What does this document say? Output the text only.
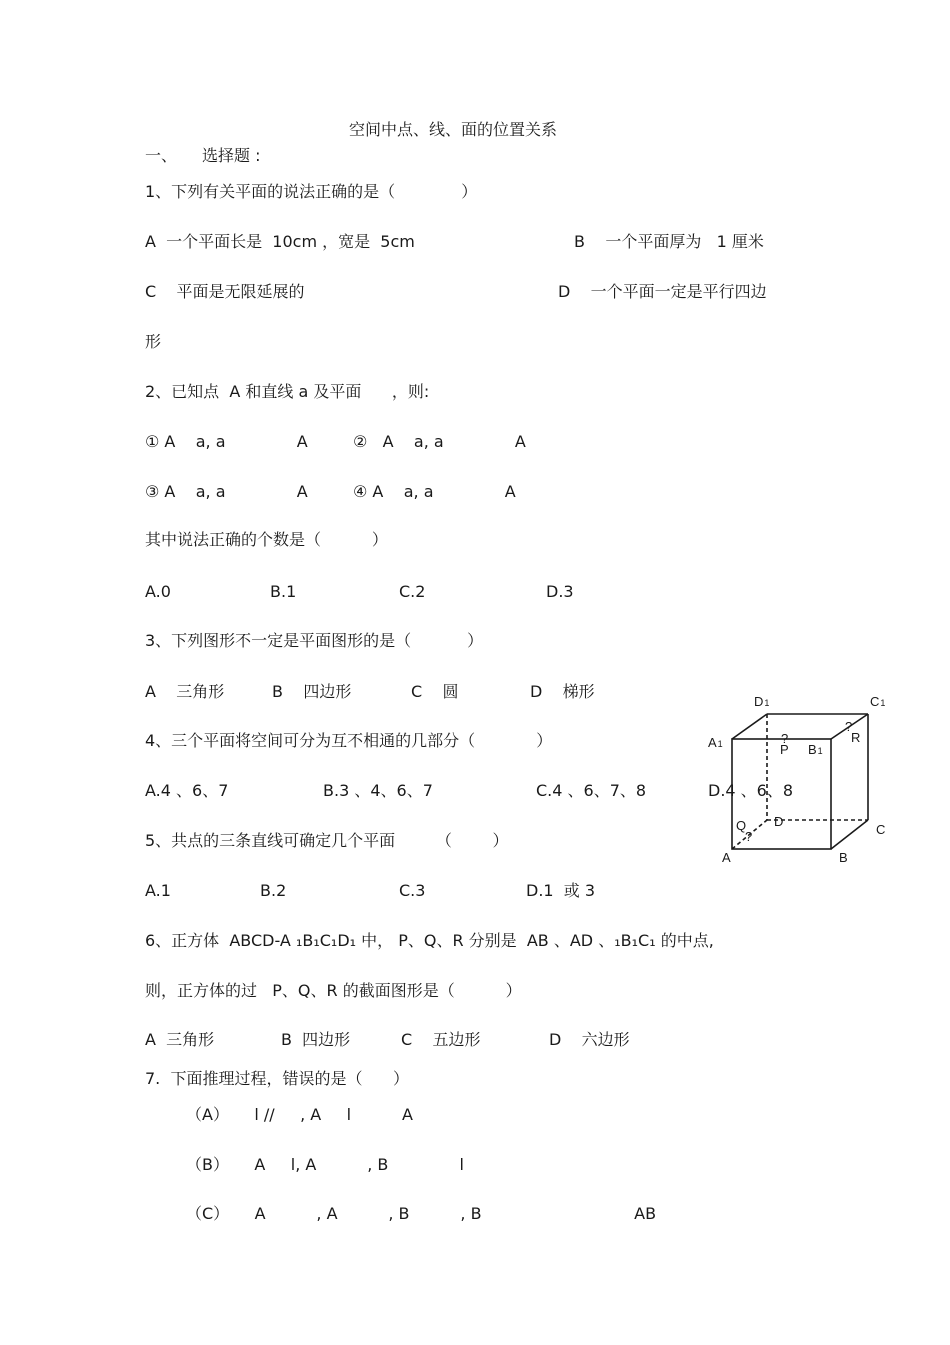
空间中点、线、面的位置关系
一、 选择题 :
1、下列有关平面的说法正确的是（             ）
A  一个平面长是  10cm ，宽是  5cm	B    一个平面厚为   1 厘米
C    平面是无限延展的	D    一个平面一定是平行四边
形
2、已知点  A 和直线 a 及平面      ，则:
① A    a, a              A	②   A    a, a              A
③ A    a, a              A	④ A    a, a              A
其中说法正确的个数是（          ）
A.0	B.1	C.2	D.3
3、下列图形不一定是平面图形的是（           ）
A    三角形	B    四边形	C    圆	D    梯形
4、三个平面将空间可分为互不相通的几部分（            ）
A.4 、6、7	B.3 、4、6、7	C.4 、6、7、8	D.4 、6、8
5、共点的三条直线可确定几个平面        （        ）
A.1	B.2	C.3	D.1  或 3
6、正方体  ABCD-A ₁B₁C₁D₁ 中， P、Q、R 分别是  AB 、AD 、₁B₁C₁ 的中点,
则，正方体的过   P、Q、R 的截面图形是（          ）
A  三角形	B  四边形	C    五边形	D    六边形
7.  下面推理过程，错误的是（      ）
（A）     l //     , A     l          A
（B）     A     l, A          , B              l
（C）     A          , A          , B          , B                              AB
D1	C1
A1	B1
?
P
?
R
D
Q
?	C
A	B
